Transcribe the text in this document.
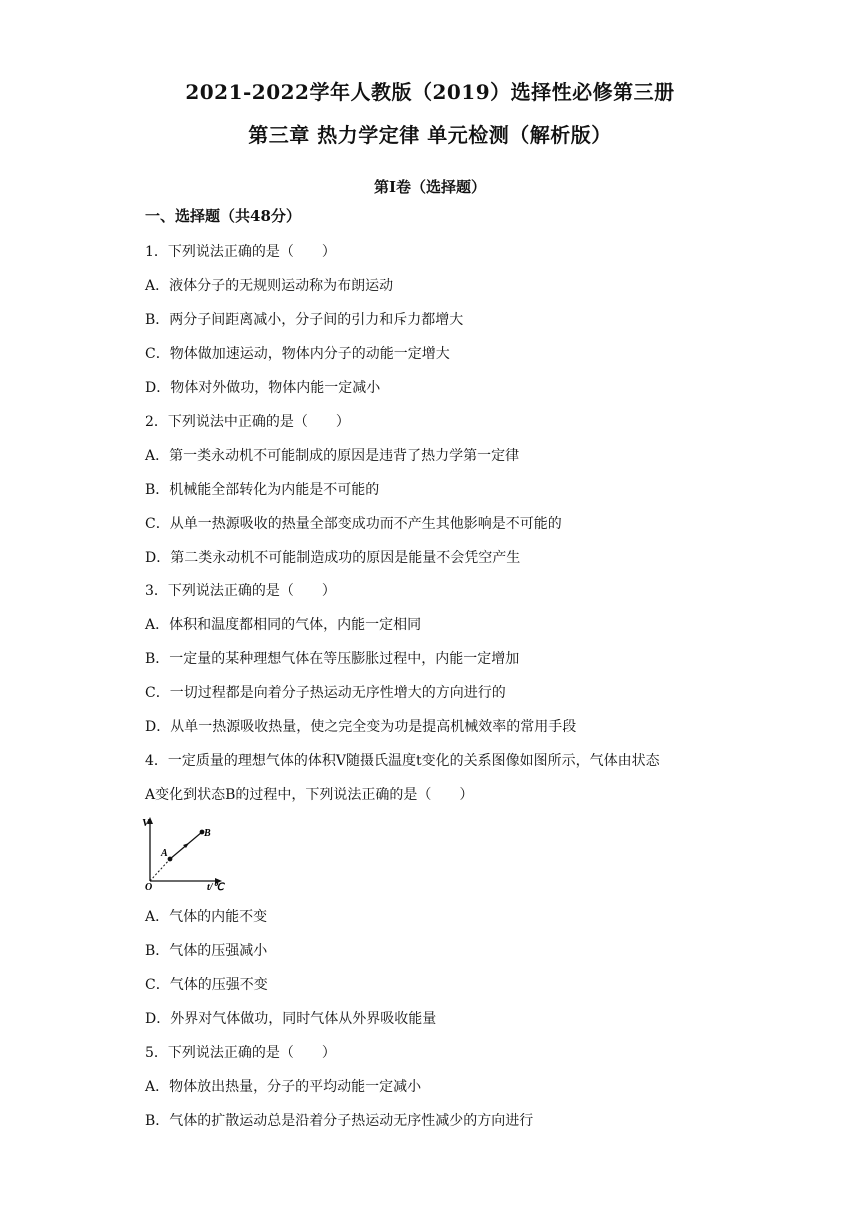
2021-2022学年人教版（2019）选择性必修第三册
第三章 热力学定律 单元检测（解析版）
第Ⅰ卷（选择题）
一、选择题（共48分）
1．下列说法正确的是（　　）
A．液体分子的无规则运动称为布朗运动
B．两分子间距离减小，分子间的引力和斥力都增大
C．物体做加速运动，物体内分子的动能一定增大
D．物体对外做功，物体内能一定减小
2．下列说法中正确的是（　　）
A．第一类永动机不可能制成的原因是违背了热力学第一定律
B．机械能全部转化为内能是不可能的
C．从单一热源吸收的热量全部变成功而不产生其他影响是不可能的
D．第二类永动机不可能制造成功的原因是能量不会凭空产生
3．下列说法正确的是（　　）
A．体积和温度都相同的气体，内能一定相同
B．一定量的某种理想气体在等压膨胀过程中，内能一定增加
C．一切过程都是向着分子热运动无序性增大的方向进行的
D．从单一热源吸收热量，使之完全变为功是提高机械效率的常用手段
4．一定质量的理想气体的体积V随摄氏温度t变化的关系图像如图所示，气体由状态
A变化到状态B的过程中，下列说法正确的是（　　）
V
t/℃
O
A
B
A．气体的内能不变
B．气体的压强减小
C．气体的压强不变
D．外界对气体做功，同时气体从外界吸收能量
5．下列说法正确的是（　　）
A．物体放出热量，分子的平均动能一定减小
B．气体的扩散运动总是沿着分子热运动无序性减少的方向进行
